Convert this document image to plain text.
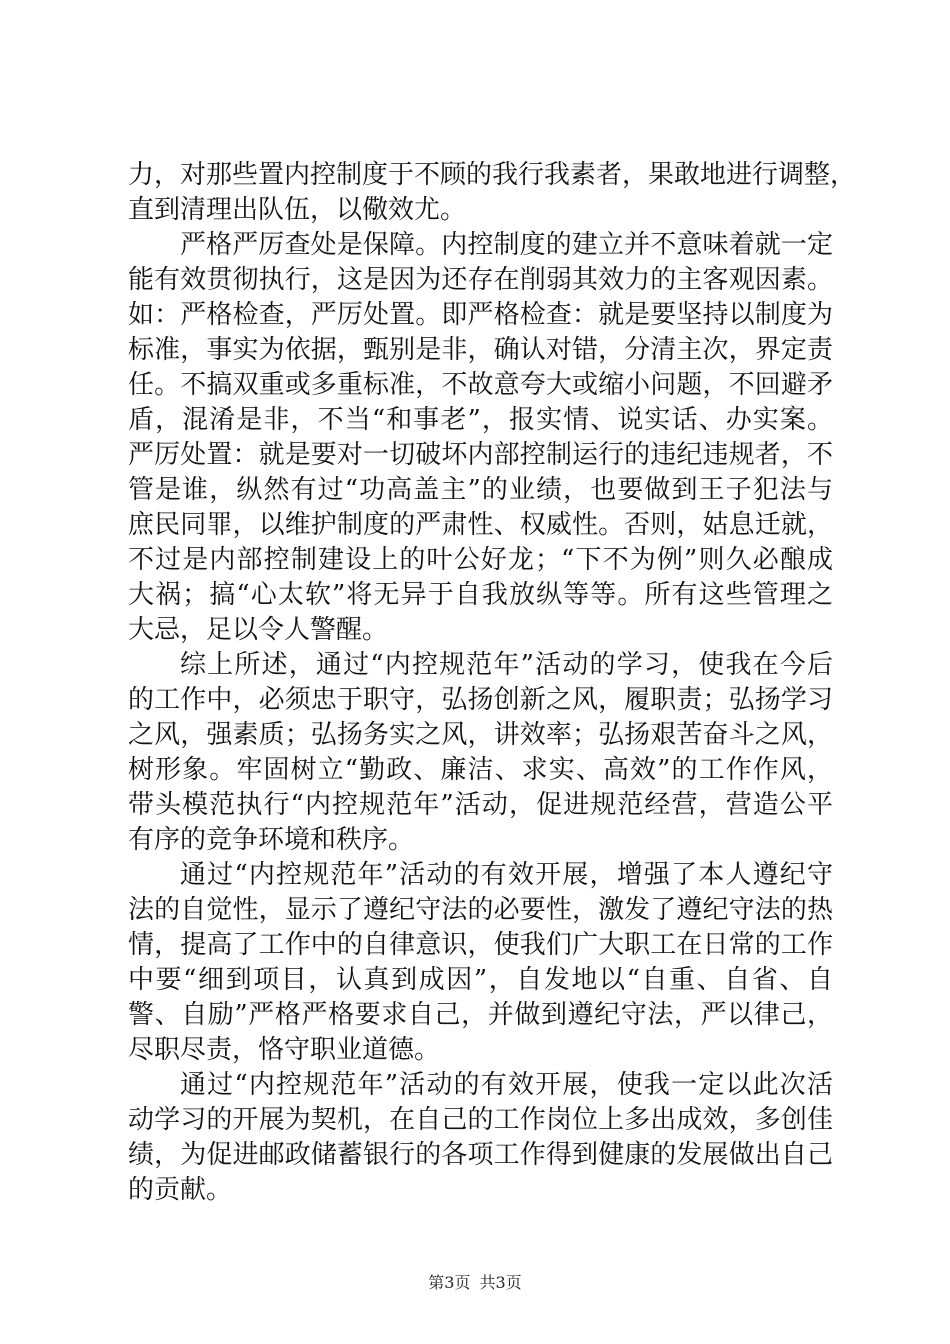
力，对那些置内控制度于不顾的我行我素者，果敢地进行调整，
直到清理出队伍，以儆效尤。
严格严厉查处是保障。内控制度的建立并不意味着就一定
能有效贯彻执行，这是因为还存在削弱其效力的主客观因素。
如：严格检查，严厉处置。即严格检查：就是要坚持以制度为
标准，事实为依据，甄别是非，确认对错，分清主次，界定责
任。不搞双重或多重标准，不故意夸大或缩小问题，不回避矛
盾，混淆是非，不当“和事老”，报实情、说实话、办实案。
严厉处置：就是要对一切破坏内部控制运行的违纪违规者，不
管是谁，纵然有过“功高盖主”的业绩，也要做到王子犯法与
庶民同罪，以维护制度的严肃性、权威性。否则，姑息迁就，
不过是内部控制建设上的叶公好龙；“下不为例”则久必酿成
大祸；搞“心太软”将无异于自我放纵等等。所有这些管理之
大忌，足以令人警醒。
综上所述，通过“内控规范年”活动的学习，使我在今后
的工作中，必须忠于职守，弘扬创新之风，履职责；弘扬学习
之风，强素质；弘扬务实之风，讲效率；弘扬艰苦奋斗之风，
树形象。牢固树立“勤政、廉洁、求实、高效”的工作作风，
带头模范执行“内控规范年”活动，促进规范经营，营造公平
有序的竞争环境和秩序。
通过“内控规范年”活动的有效开展，增强了本人遵纪守
法的自觉性，显示了遵纪守法的必要性，激发了遵纪守法的热
情，提高了工作中的自律意识，使我们广大职工在日常的工作
中要“细到项目，认真到成因”，自发地以“自重、自省、自
警、自励”严格严格要求自己，并做到遵纪守法，严以律己，
尽职尽责，恪守职业道德。
通过“内控规范年”活动的有效开展，使我一定以此次活
动学习的开展为契机，在自己的工作岗位上多出成效，多创佳
绩，为促进邮政储蓄银行的各项工作得到健康的发展做出自己
的贡献。
第3页 共3页
